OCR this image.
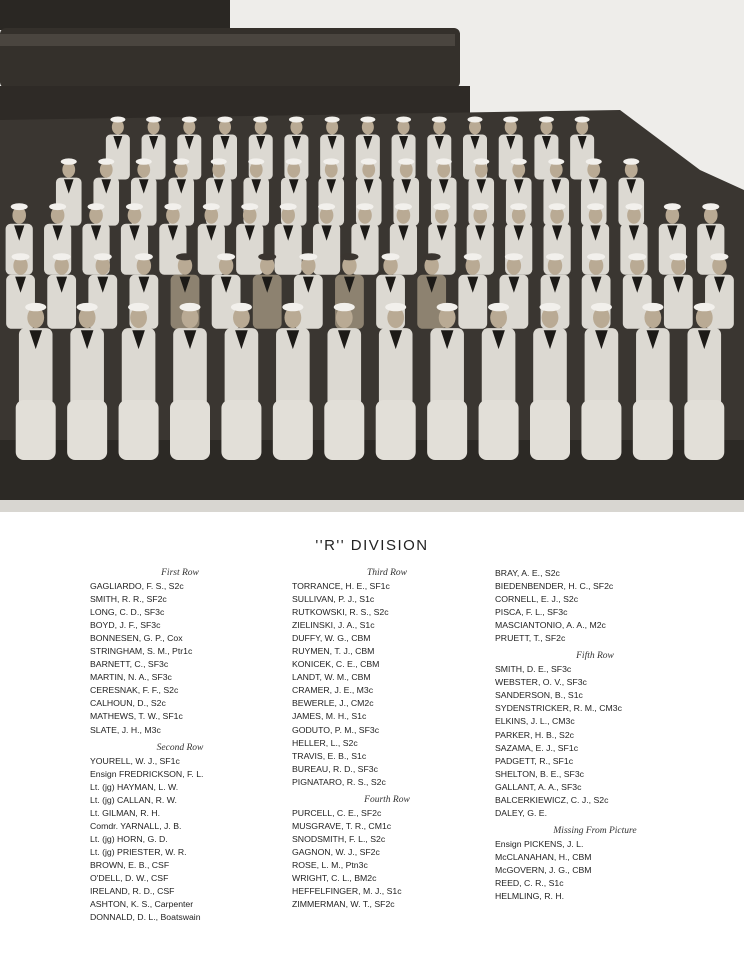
''R'' DIVISION
First Row
GAGLIARDO, F. S., S2c
SMITH, R. R., SF2c
LONG, C. D., SF3c
BOYD, J. F., SF3c
BONNESEN, G. P., Cox
STRINGHAM, S. M., Ptr1c
BARNETT, C., SF3c
MARTIN, N. A., SF3c
CERESNAK, F. F., S2c
CALHOUN, D., S2c
MATHEWS, T. W., SF1c
SLATE, J. H., M3c
Second Row
YOURELL, W. J., SF1c
Ensign FREDRICKSON, F. L.
Lt. (jg) HAYMAN, L. W.
Lt. (jg) CALLAN, R. W.
Lt. GILMAN, R. H.
Comdr. YARNALL, J. B.
Lt. (jg) HORN, G. D.
Lt. (jg) PRIESTER, W. R.
BROWN, E. B., CSF
O'DELL, D. W., CSF
IRELAND, R. D., CSF
ASHTON, K. S., Carpenter
DONNALD, D. L., Boatswain
Third Row
TORRANCE, H. E., SF1c
SULLIVAN, P. J., S1c
RUTKOWSKI, R. S., S2c
ZIELINSKI, J. A., S1c
DUFFY, W. G., CBM
RUYMEN, T. J., CBM
KONICEK, C. E., CBM
LANDT, W. M., CBM
CRAMER, J. E., M3c
BEWERLE, J., CM2c
JAMES, M. H., S1c
GODUTO, P. M., SF3c
HELLER, L., S2c
TRAVIS, E. B., S1c
BUREAU, R. D., SF3c
PIGNATARO, R. S., S2c
Fourth Row
PURCELL, C. E., SF2c
MUSGRAVE, T. R., CM1c
SNODSMITH, F. L., S2c
GAGNON, W. J., SF2c
ROSE, L. M., Ptn3c
WRIGHT, C. L., BM2c
HEFFELFINGER, M. J., S1c
ZIMMERMAN, W. T., SF2c
BRAY, A. E., S2c
BIEDENBENDER, H. C., SF2c
CORNELL, E. J., S2c
PISCA, F. L., SF3c
MASCIANTONIO, A. A., M2c
PRUETT, T., SF2c
Fifth Row
SMITH, D. E., SF3c
WEBSTER, O. V., SF3c
SANDERSON, B., S1c
SYDENSTRICKER, R. M., CM3c
ELKINS, J. L., CM3c
PARKER, H. B., S2c
SAZAMA, E. J., SF1c
PADGETT, R., SF1c
SHELTON, B. E., SF3c
GALLANT, A. A., SF3c
BALCERKIEWICZ, C. J., S2c
DALEY, G. E.
Missing From Picture
Ensign PICKENS, J. L.
McCLANAHAN, H., CBM
McGOVERN, J. G., CBM
REED, C. R., S1c
HELMLING, R. H.
